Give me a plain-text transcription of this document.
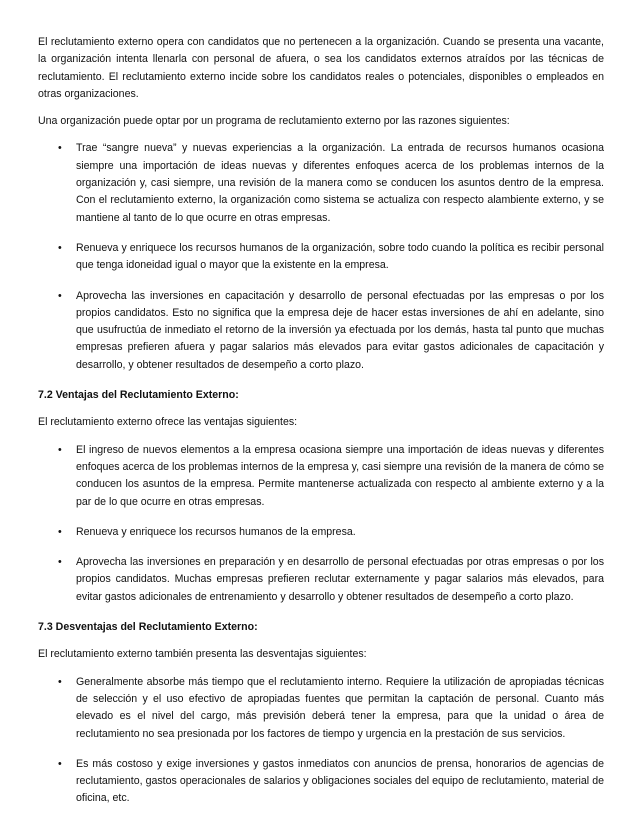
El reclutamiento externo opera con candidatos que no pertenecen a la organización. Cuando se presenta una vacante, la organización intenta llenarla con personal de afuera, o sea los candidatos externos atraídos por las técnicas de reclutamiento. El reclutamiento externo incide sobre los candidatos reales o potenciales, disponibles o empleados en otras organizaciones.

Una organización puede optar por un programa de reclutamiento externo por las razones siguientes:

• Trae “sangre nueva” y nuevas experiencias a la organización. La entrada de recursos humanos ocasiona siempre una importación de ideas nuevas y diferentes enfoques acerca de los problemas internos de la organización y, casi siempre, una revisión de la manera como se conducen los asuntos dentro de la empresa. Con el reclutamiento externo, la organización como sistema se actualiza con respecto alambiente externo, y se mantiene al tanto de lo que ocurre en otras empresas.
• Renueva y enriquece los recursos humanos de la organización, sobre todo cuando la política es recibir personal que tenga idoneidad igual o mayor que la existente en la empresa.
• Aprovecha las inversiones en capacitación y desarrollo de personal efectuadas por las empresas o por los propios candidatos. Esto no significa que la empresa deje de hacer estas inversiones de ahí en adelante, sino que usufructúa de inmediato el retorno de la inversión ya efectuada por los demás, hasta tal punto que muchas empresas prefieren afuera y pagar salarios más elevados para evitar gastos adicionales de capacitación y desarrollo, y obtener resultados de desempeño a corto plazo.
7.2 Ventajas del Reclutamiento Externo:

El reclutamiento externo ofrece las ventajas siguientes:

• El ingreso de nuevos elementos a la empresa ocasiona siempre una importación de ideas nuevas y diferentes enfoques acerca de los problemas internos de la empresa y, casi siempre una revisión de la manera de cómo se conducen los asuntos de la empresa. Permite mantenerse actualizada con respecto al ambiente externo y a la par de lo que ocurre en otras empresas.
• Renueva y enriquece los recursos humanos de la empresa.
• Aprovecha las inversiones en preparación y en desarrollo de personal efectuadas por otras empresas o por los propios candidatos. Muchas empresas prefieren reclutar externamente y pagar salarios más elevados, para evitar gastos adicionales de entrenamiento y desarrollo y obtener resultados de desempeño a corto plazo.
7.3 Desventajas del Reclutamiento Externo:

El reclutamiento externo también presenta las desventajas siguientes:

• Generalmente absorbe más tiempo que el reclutamiento interno. Requiere la utilización de apropiadas técnicas de selección y el uso efectivo de apropiadas fuentes que permitan la captación de personal. Cuanto más elevado es el nivel del cargo, más previsión deberá tener la empresa, para que la unidad o área de reclutamiento no sea presionada por los factores de tiempo y urgencia en la prestación de sus servicios.
• Es más costoso y exige inversiones y gastos inmediatos con anuncios de prensa, honorarios de agencias de reclutamiento, gastos operacionales de salarios y obligaciones sociales del equipo de reclutamiento, material de oficina, etc.
